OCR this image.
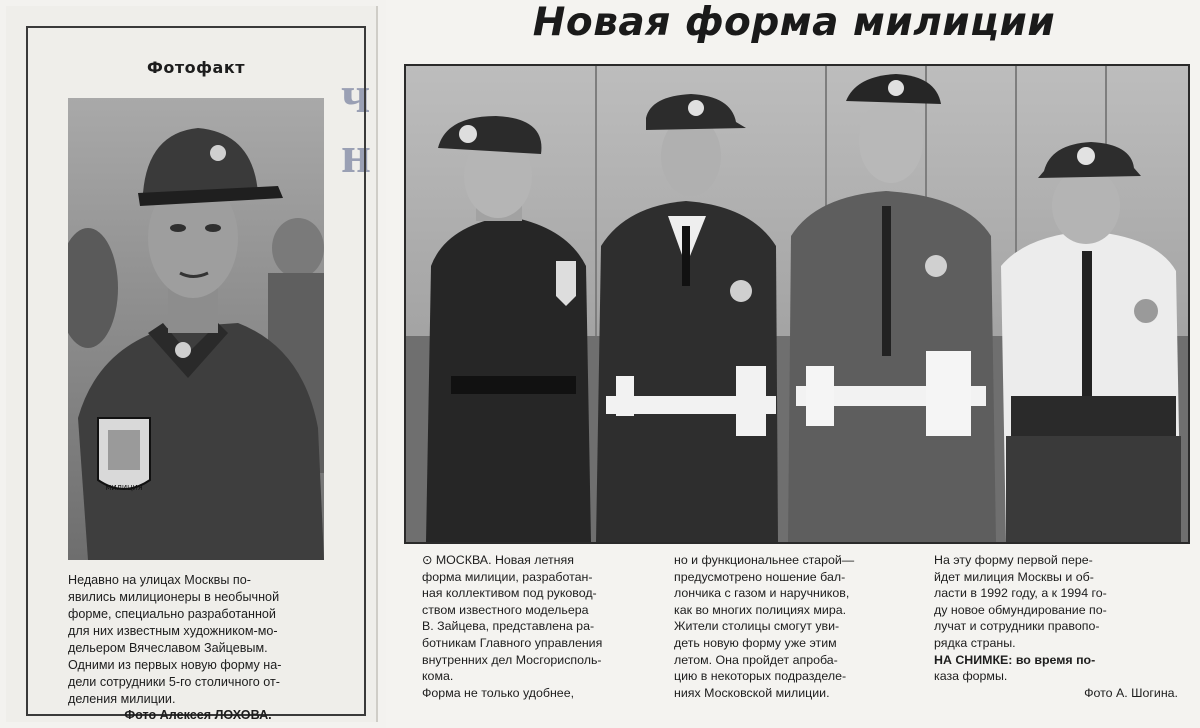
ч н
Фотофакт
МИЛИЦИЯ
Недавно на улицах Москвы по-
явились милиционеры в необычной
форме, специально разработанной
для них известным художником-мо-
дельером Вячеславом Зайцевым.
Одними из первых новую форму на-
дели сотрудники 5-го столичного от-
деления милиции.
Фото Алексея ЛОХОВА.
Новая форма милиции
⊙ МОСКВА. Новая летняя
форма милиции, разработан-
ная коллективом под руковод-
ством известного модельера
В. Зайцева, представлена ра-
ботникам Главного управления
внутренних дел Мосгорисполь-
кома.
Форма не только удобнее,
но и функциональнее старой—
предусмотрено ношение бал-
лончика с газом и наручников,
как во многих полициях мира.
Жители столицы смогут уви-
деть новую форму уже этим
летом. Она пройдет апроба-
цию в некоторых подразделе-
ниях Московской милиции.
На эту форму первой пере-
йдет милиция Москвы и об-
ласти в 1992 году, а к 1994 го-
ду новое обмундирование по-
лучат и сотрудники правопо-
рядка страны.
НА СНИМКЕ: во время по-
каза формы.
Фото А. Шогина.
